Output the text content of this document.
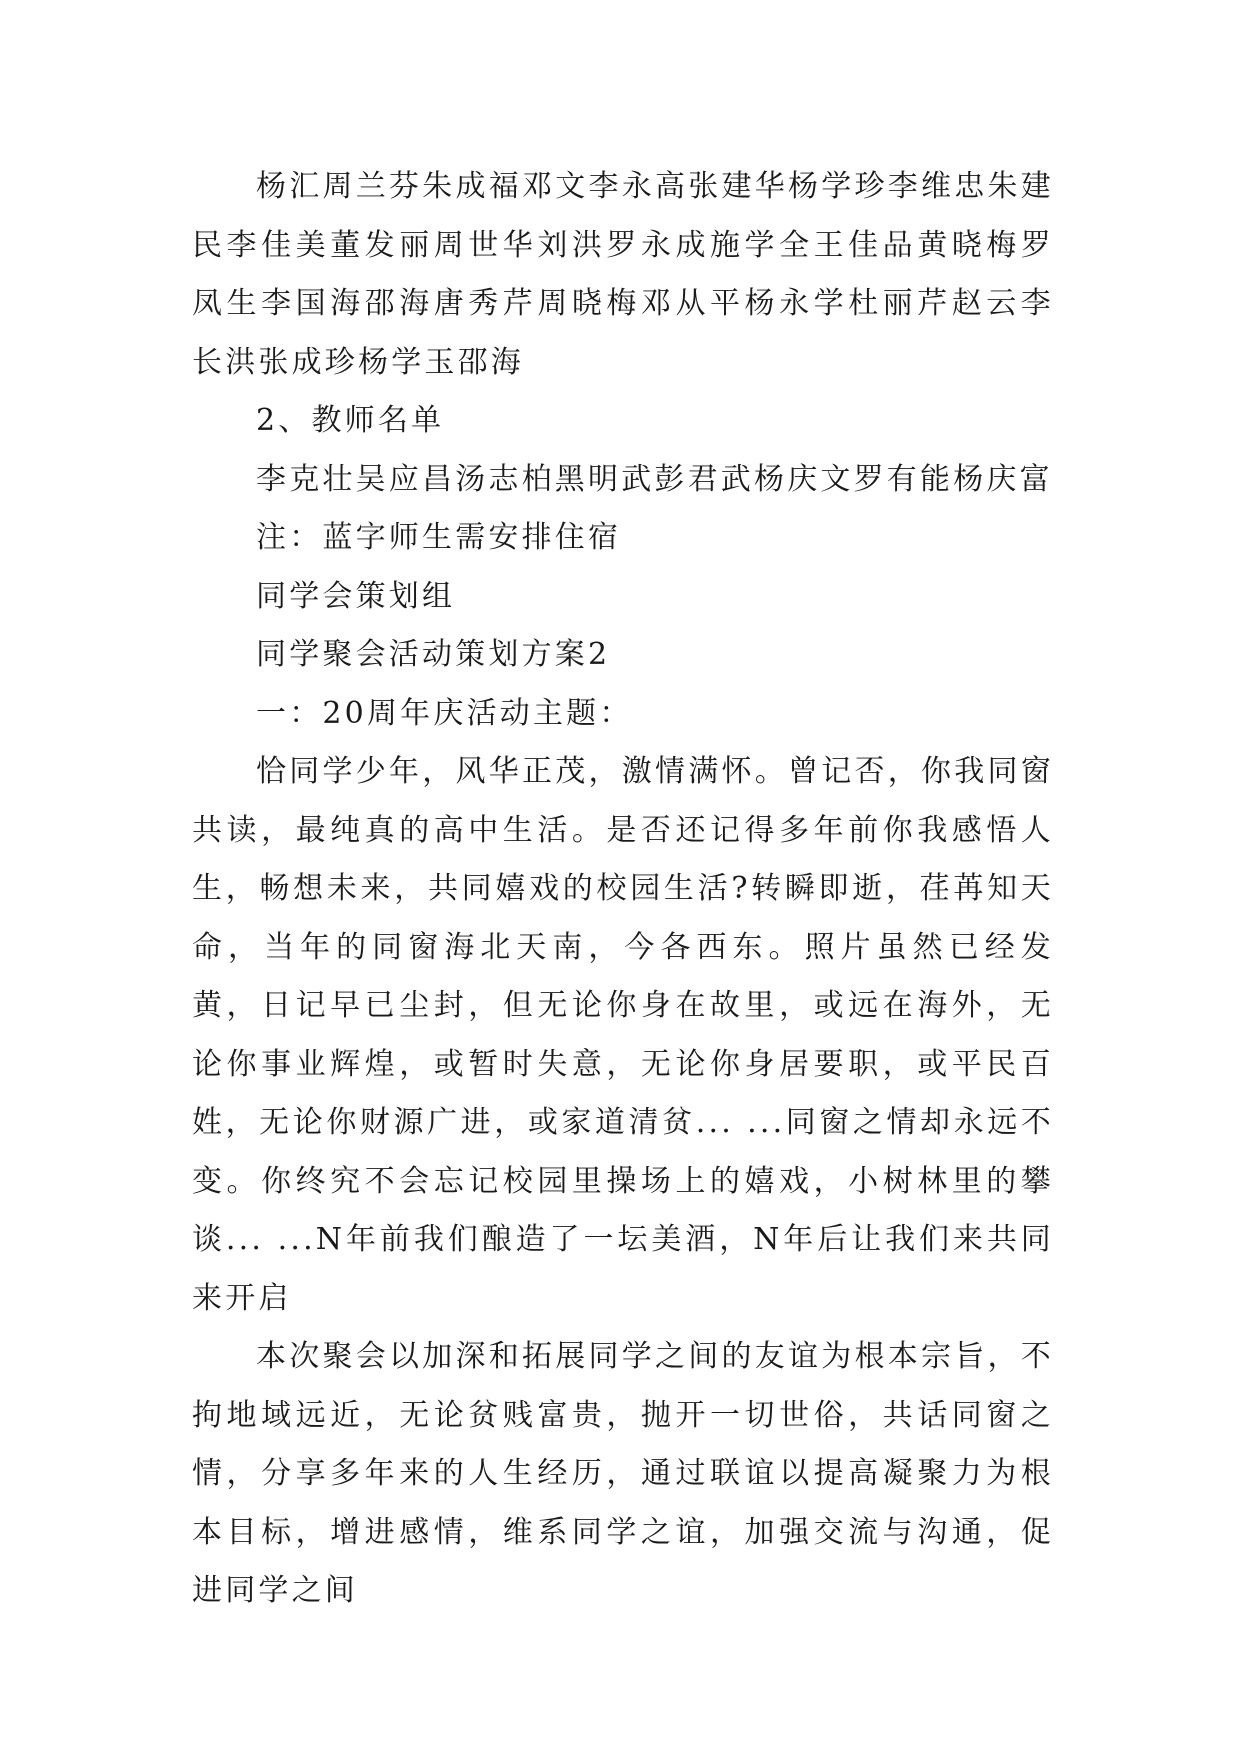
杨汇周兰芬朱成福邓文李永高张建华杨学珍李维忠朱建民李佳美董发丽周世华刘洪罗永成施学全王佳品黄晓梅罗凤生李国海邵海唐秀芹周晓梅邓从平杨永学杜丽芹赵云李长洪张成珍杨学玉邵海

2、教师名单

李克壮吴应昌汤志柏黑明武彭君武杨庆文罗有能杨庆富

注：蓝字师生需安排住宿

同学会策划组

同学聚会活动策划方案2

一：20周年庆活动主题：

恰同学少年，风华正茂，激情满怀。曾记否，你我同窗共读，最纯真的高中生活。是否还记得多年前你我感悟人生，畅想未来，共同嬉戏的校园生活?转瞬即逝，荏苒知天命，当年的同窗海北天南，今各西东。照片虽然已经发黄，日记早已尘封，但无论你身在故里，或远在海外，无论你事业辉煌，或暂时失意，无论你身居要职，或平民百姓，无论你财源广进，或家道清贫... ...同窗之情却永远不变。你终究不会忘记校园里操场上的嬉戏，小树林里的攀谈... ...N年前我们酿造了一坛美酒，N年后让我们来共同来开启

本次聚会以加深和拓展同学之间的友谊为根本宗旨，不拘地域远近，无论贫贱富贵，抛开一切世俗，共话同窗之情，分享多年来的人生经历，通过联谊以提高凝聚力为根本目标，增进感情，维系同学之谊，加强交流与沟通，促进同学之间
